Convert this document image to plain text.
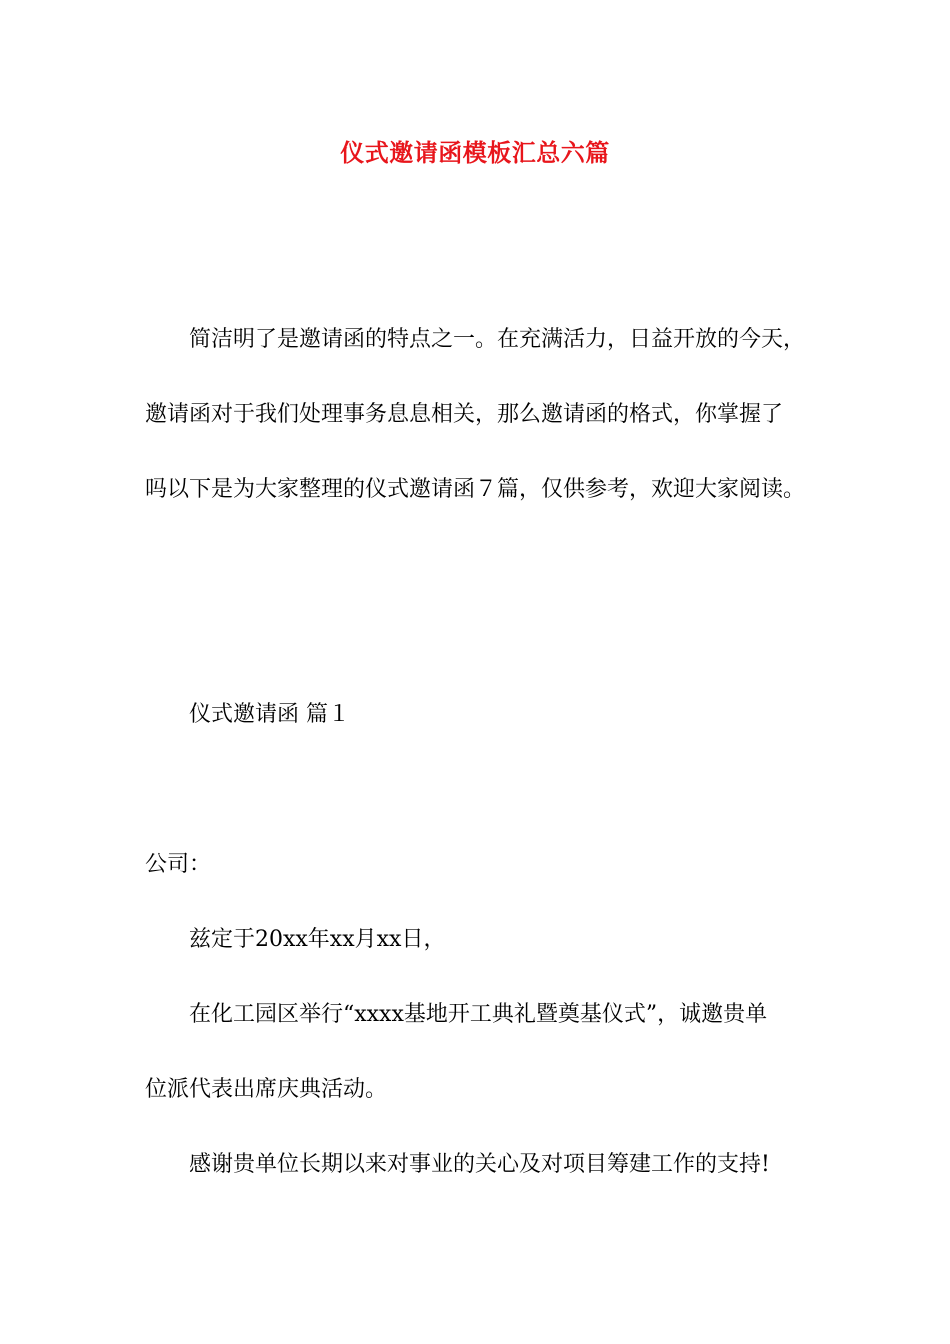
仪式邀请函模板汇总六篇
简洁明了是邀请函的特点之一。在充满活力，日益开放的今天，
邀请函对于我们处理事务息息相关，那么邀请函的格式，你掌握了
吗以下是为大家整理的仪式邀请函７篇，仅供参考，欢迎大家阅读。
仪式邀请函 篇１
公司：
兹定于20xx年xx月xx日，
在化工园区举行“xxxx基地开工典礼暨奠基仪式”，诚邀贵单
位派代表出席庆典活动。
感谢贵单位长期以来对事业的关心及对项目筹建工作的支持!
